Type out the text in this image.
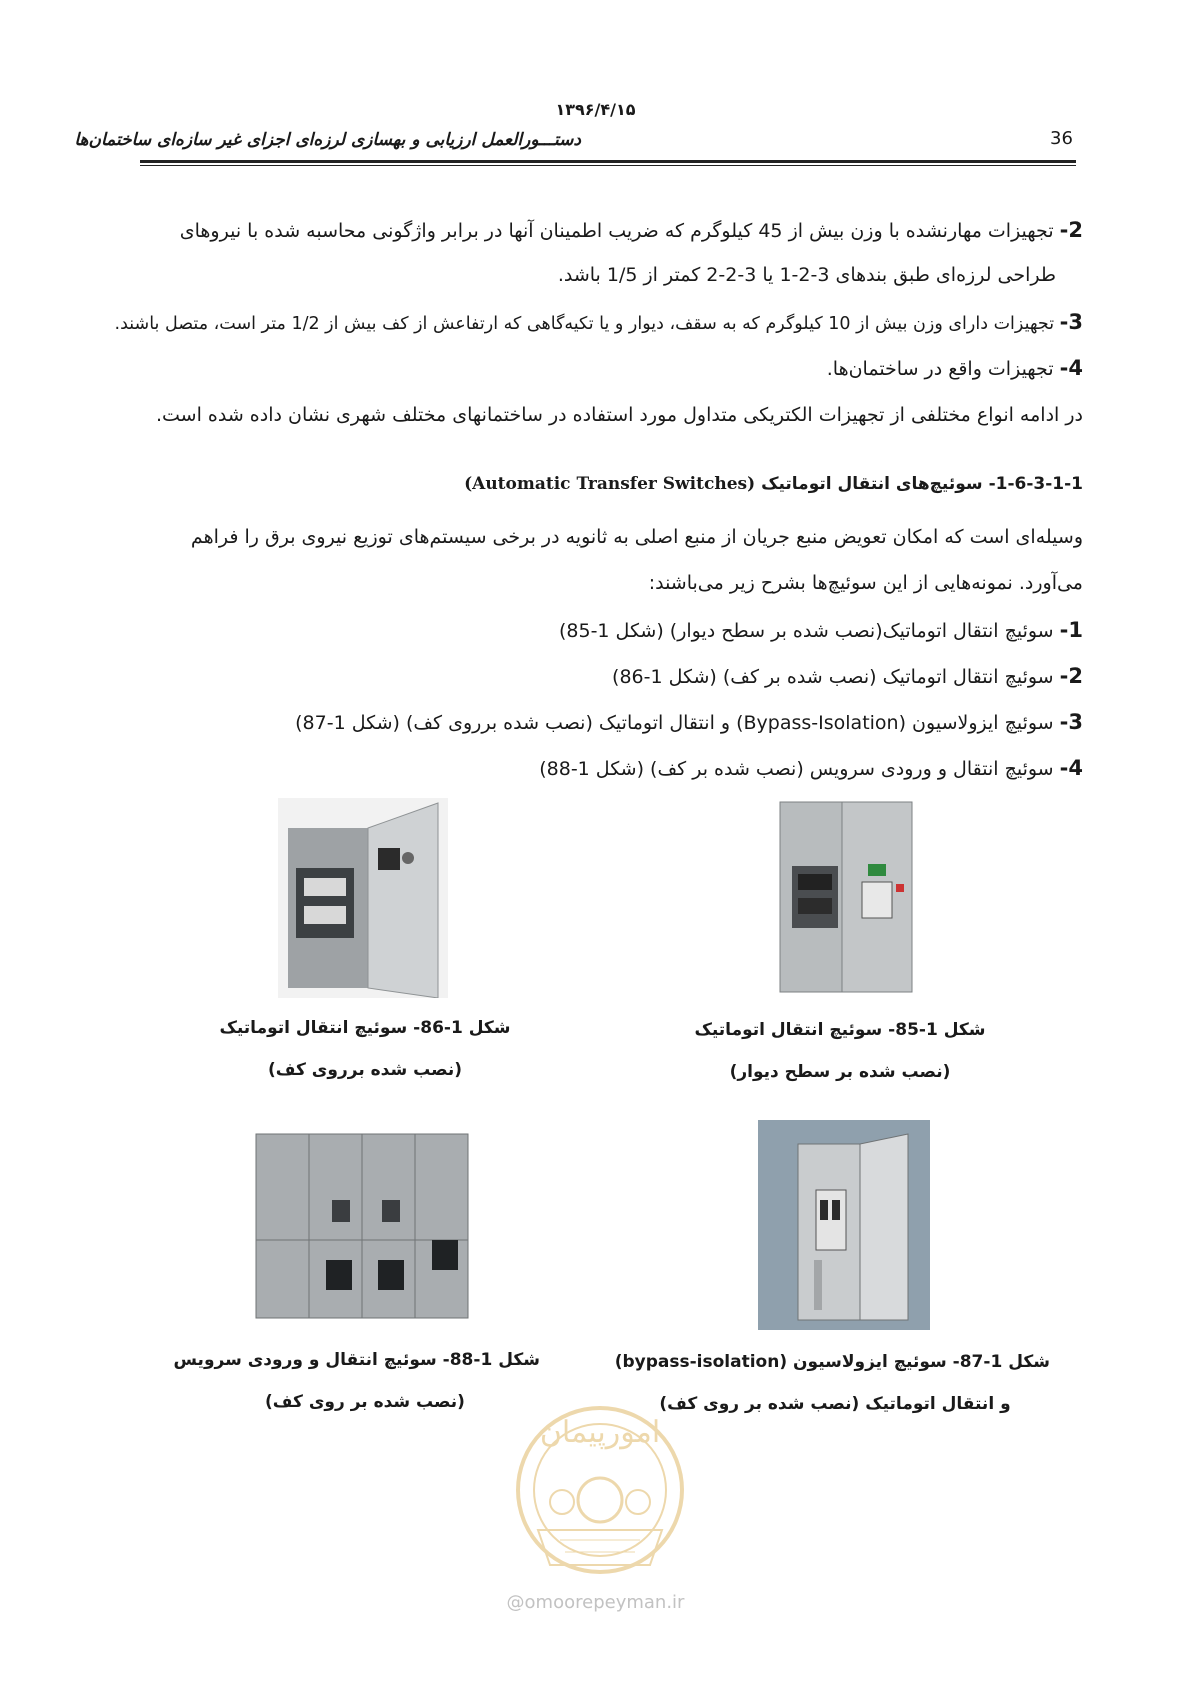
۱۳۹۶/۴/۱۵
دستـــورالعمل ارزیابی و بهسازی لرزه‌ای اجزای غیر سازه‌ای ساختمان‌ها	36
2- تجهیزات مهارنشده با وزن بیش از 45 کیلوگرم که ضریب اطمینان آنها در برابر واژگونی محاسبه شده با نیروهای
طراحی لرزه‌ای طبق بندهای 3-2-1 یا 3-2-2 کمتر از 1/5 باشد.
3- تجهیزات دارای وزن بیش از 10 کیلوگرم که به سقف، دیوار و یا تکیه‌گاهی که ارتفاعش از کف بیش از 1/2 متر است، متصل باشند.
4- تجهیزات واقع در ساختمان‌ها.
در ادامه انواع مختلفی از تجهیزات الکتریکی متداول مورد استفاده در ساختمانهای مختلف شهری نشان داده شده است.
1-6-3-1-1- سوئیچ‌های انتقال اتوماتیک (Automatic Transfer Switches)
وسیله‌ای است که امکان تعویض منبع جریان از منبع اصلی به ثانویه در برخی سیستم‌های توزیع نیروی برق را فراهم
می‌آورد. نمونه‌هایی از این سوئیچ‌ها بشرح زیر می‌باشند:
1- سوئیچ انتقال اتوماتیک(نصب شده بر سطح دیوار) (شکل 1-85)
2- سوئیچ انتقال اتوماتیک (نصب شده بر کف) (شکل 1-86)
3- سوئیچ ایزولاسیون (Bypass-Isolation) و انتقال اتوماتیک (نصب شده برروی کف) (شکل 1-87)
4- سوئیچ انتقال و ورودی سرویس (نصب شده بر کف) (شکل 1-88)
شکل 1-86- سوئیچ انتقال اتوماتیک
(نصب شده برروی کف)
شکل 1-85- سوئیچ انتقال اتوماتیک
(نصب شده بر سطح دیوار)
شکل 1-88- سوئیچ انتقال و ورودی سرویس
(نصب شده بر روی کف)
شکل 1-87- سوئیچ ایزولاسیون (bypass-isolation)
و انتقال اتوماتیک (نصب شده بر روی کف)
امورپیمان
@omoorepeyman.ir
